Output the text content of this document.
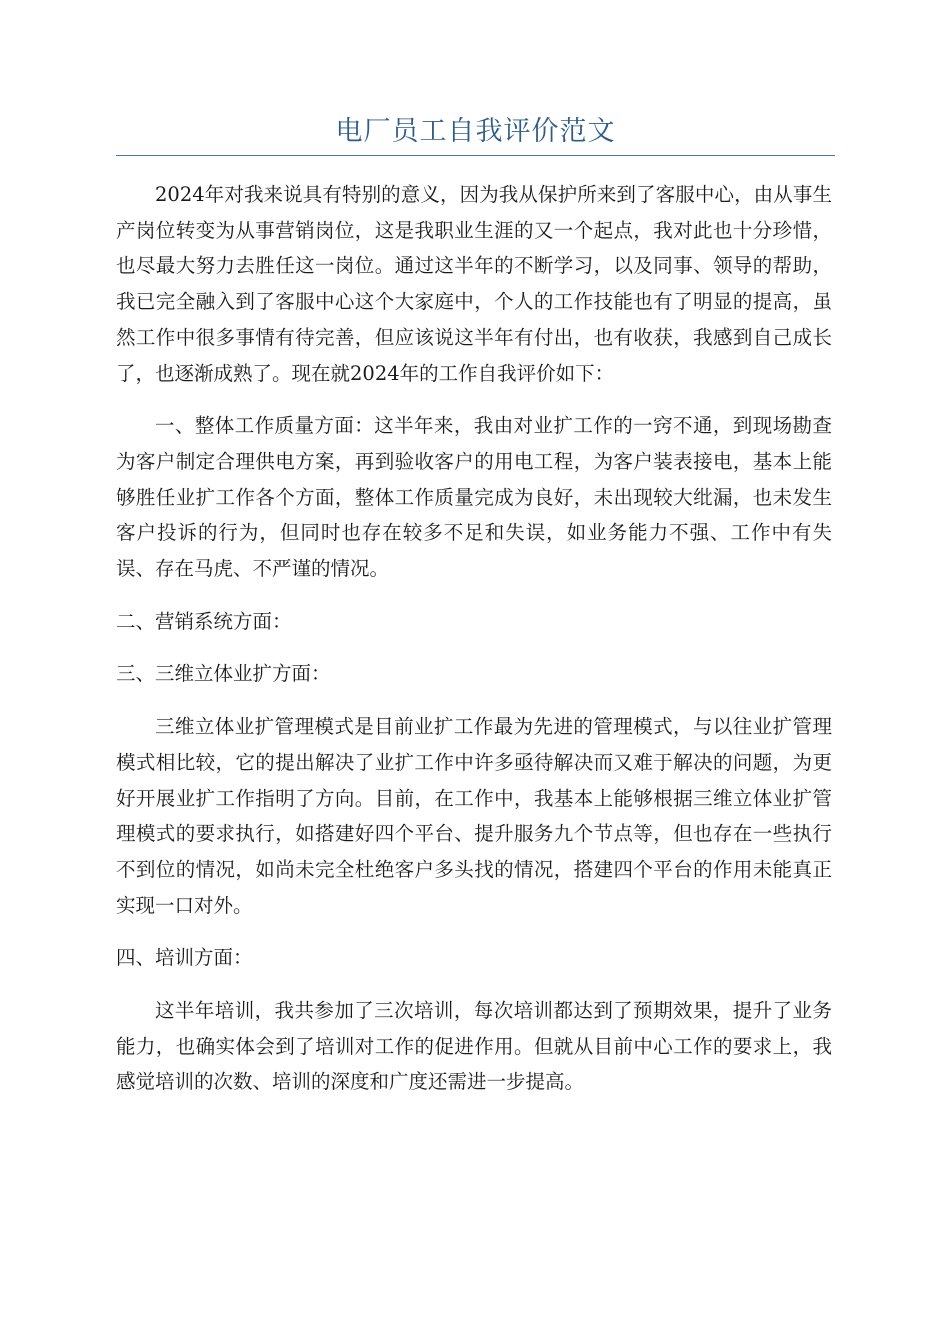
电厂员工自我评价范文

2024年对我来说具有特别的意义，因为我从保护所来到了客服中心，由从事生产岗位转变为从事营销岗位，这是我职业生涯的又一个起点，我对此也十分珍惜，也尽最大努力去胜任这一岗位。通过这半年的不断学习，以及同事、领导的帮助，我已完全融入到了客服中心这个大家庭中，个人的工作技能也有了明显的提高，虽然工作中很多事情有待完善，但应该说这半年有付出，也有收获，我感到自己成长了，也逐渐成熟了。现在就2024年的工作自我评价如下：

一、整体工作质量方面：这半年来，我由对业扩工作的一窍不通，到现场勘查为客户制定合理供电方案，再到验收客户的用电工程，为客户装表接电，基本上能够胜任业扩工作各个方面，整体工作质量完成为良好，未出现较大纰漏，也未发生客户投诉的行为，但同时也存在较多不足和失误，如业务能力不强、工作中有失误、存在马虎、不严谨的情况。

二、营销系统方面：

三、三维立体业扩方面：

三维立体业扩管理模式是目前业扩工作最为先进的管理模式，与以往业扩管理模式相比较，它的提出解决了业扩工作中许多亟待解决而又难于解决的问题，为更好开展业扩工作指明了方向。目前，在工作中，我基本上能够根据三维立体业扩管理模式的要求执行，如搭建好四个平台、提升服务九个节点等，但也存在一些执行不到位的情况，如尚未完全杜绝客户多头找的情况，搭建四个平台的作用未能真正实现一口对外。

四、培训方面：

这半年培训，我共参加了三次培训，每次培训都达到了预期效果，提升了业务能力，也确实体会到了培训对工作的促进作用。但就从目前中心工作的要求上，我感觉培训的次数、培训的深度和广度还需进一步提高。
